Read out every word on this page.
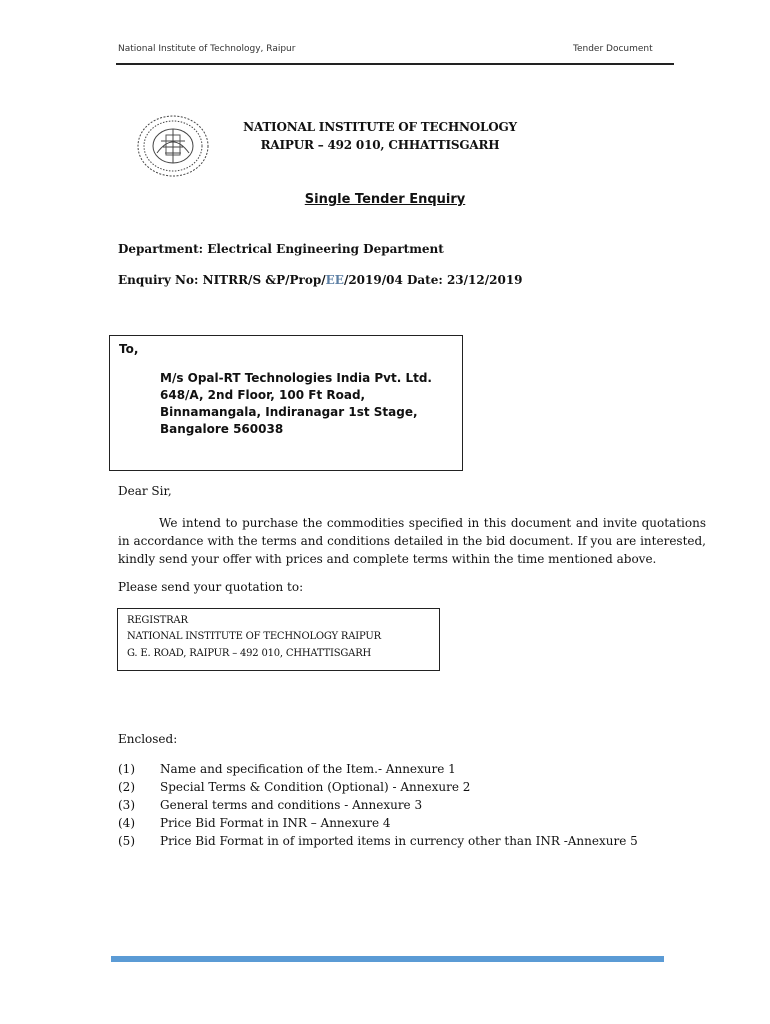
National Institute of Technology, Raipur	Tender Document
NATIONAL INSTITUTE OF TECHNOLOGY
RAIPUR – 492 010, CHHATTISGARH
Single Tender Enquiry
Department: Electrical Engineering Department
Enquiry No: NITRR/S &P/Prop/EE/2019/04 Date: 23/12/2019
To,
M/s Opal-RT Technologies India Pvt. Ltd.
648/A, 2nd Floor, 100 Ft Road,
Binnamangala, Indiranagar 1st Stage,
Bangalore 560038
Dear Sir,
We intend to purchase the commodities specified in this document and invite quotations in accordance with the terms and conditions detailed in the bid document. If you are interested, kindly send your offer with prices and complete terms within the time mentioned above.
Please send your quotation to:
REGISTRAR
NATIONAL INSTITUTE OF TECHNOLOGY RAIPUR
G. E. ROAD, RAIPUR – 492 010, CHHATTISGARH
Enclosed:
(1) Name and specification of the Item.- Annexure 1
(2) Special Terms & Condition (Optional) - Annexure 2
(3) General terms and conditions - Annexure 3
(4) Price Bid Format in INR – Annexure 4
(5) Price Bid Format in of imported items in currency other than INR -Annexure 5
